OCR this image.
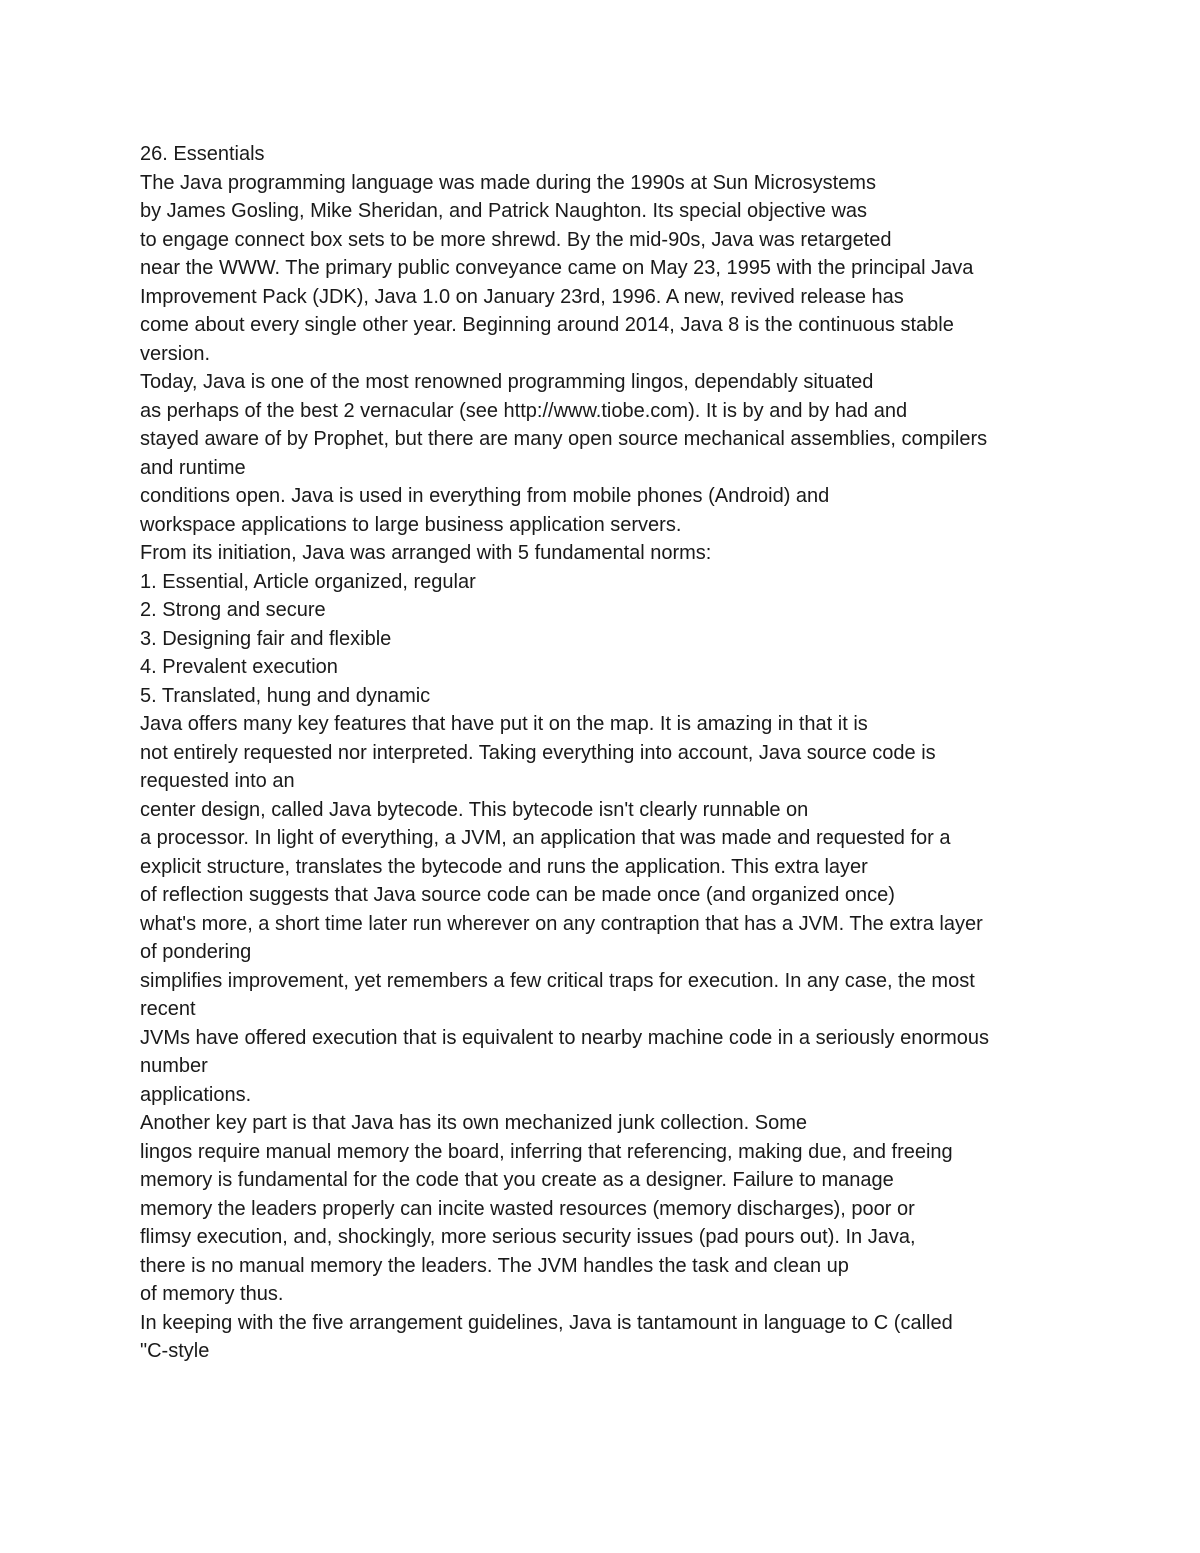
26. Essentials
The Java programming language was made during the 1990s at Sun Microsystems
by James Gosling, Mike Sheridan, and Patrick Naughton. Its special objective was
to engage connect box sets to be more shrewd. By the mid-90s, Java was retargeted
near the WWW. The primary public conveyance came on May 23, 1995 with the principal Java
Improvement Pack (JDK), Java 1.0 on January 23rd, 1996. A new, revived release has
come about every single other year. Beginning around 2014, Java 8 is the continuous stable
version.
Today, Java is one of the most renowned programming lingos, dependably situated
as perhaps of the best 2 vernacular (see http://www.tiobe.com). It is by and by had and
stayed aware of by Prophet, but there are many open source mechanical assemblies, compilers
and runtime
conditions open. Java is used in everything from mobile phones (Android) and
workspace applications to large business application servers.
From its initiation, Java was arranged with 5 fundamental norms:
1. Essential, Article organized, regular
2. Strong and secure
3. Designing fair and flexible
4. Prevalent execution
5. Translated, hung and dynamic
Java offers many key features that have put it on the map. It is amazing in that it is
not entirely requested nor interpreted. Taking everything into account, Java source code is
requested into an
center design, called Java bytecode. This bytecode isn't clearly runnable on
a processor. In light of everything, a JVM, an application that was made and requested for a
explicit structure, translates the bytecode and runs the application. This extra layer
of reflection suggests that Java source code can be made once (and organized once)
what's more, a short time later run wherever on any contraption that has a JVM. The extra layer
of pondering
simplifies improvement, yet remembers a few critical traps for execution. In any case, the most
recent
JVMs have offered execution that is equivalent to nearby machine code in a seriously enormous
number
applications.
Another key part is that Java has its own mechanized junk collection. Some
lingos require manual memory the board, inferring that referencing, making due, and freeing
memory is fundamental for the code that you create as a designer. Failure to manage
memory the leaders properly can incite wasted resources (memory discharges), poor or
flimsy execution, and, shockingly, more serious security issues (pad pours out). In Java,
there is no manual memory the leaders. The JVM handles the task and clean up
of memory thus.
In keeping with the five arrangement guidelines, Java is tantamount in language to C (called
"C-style
